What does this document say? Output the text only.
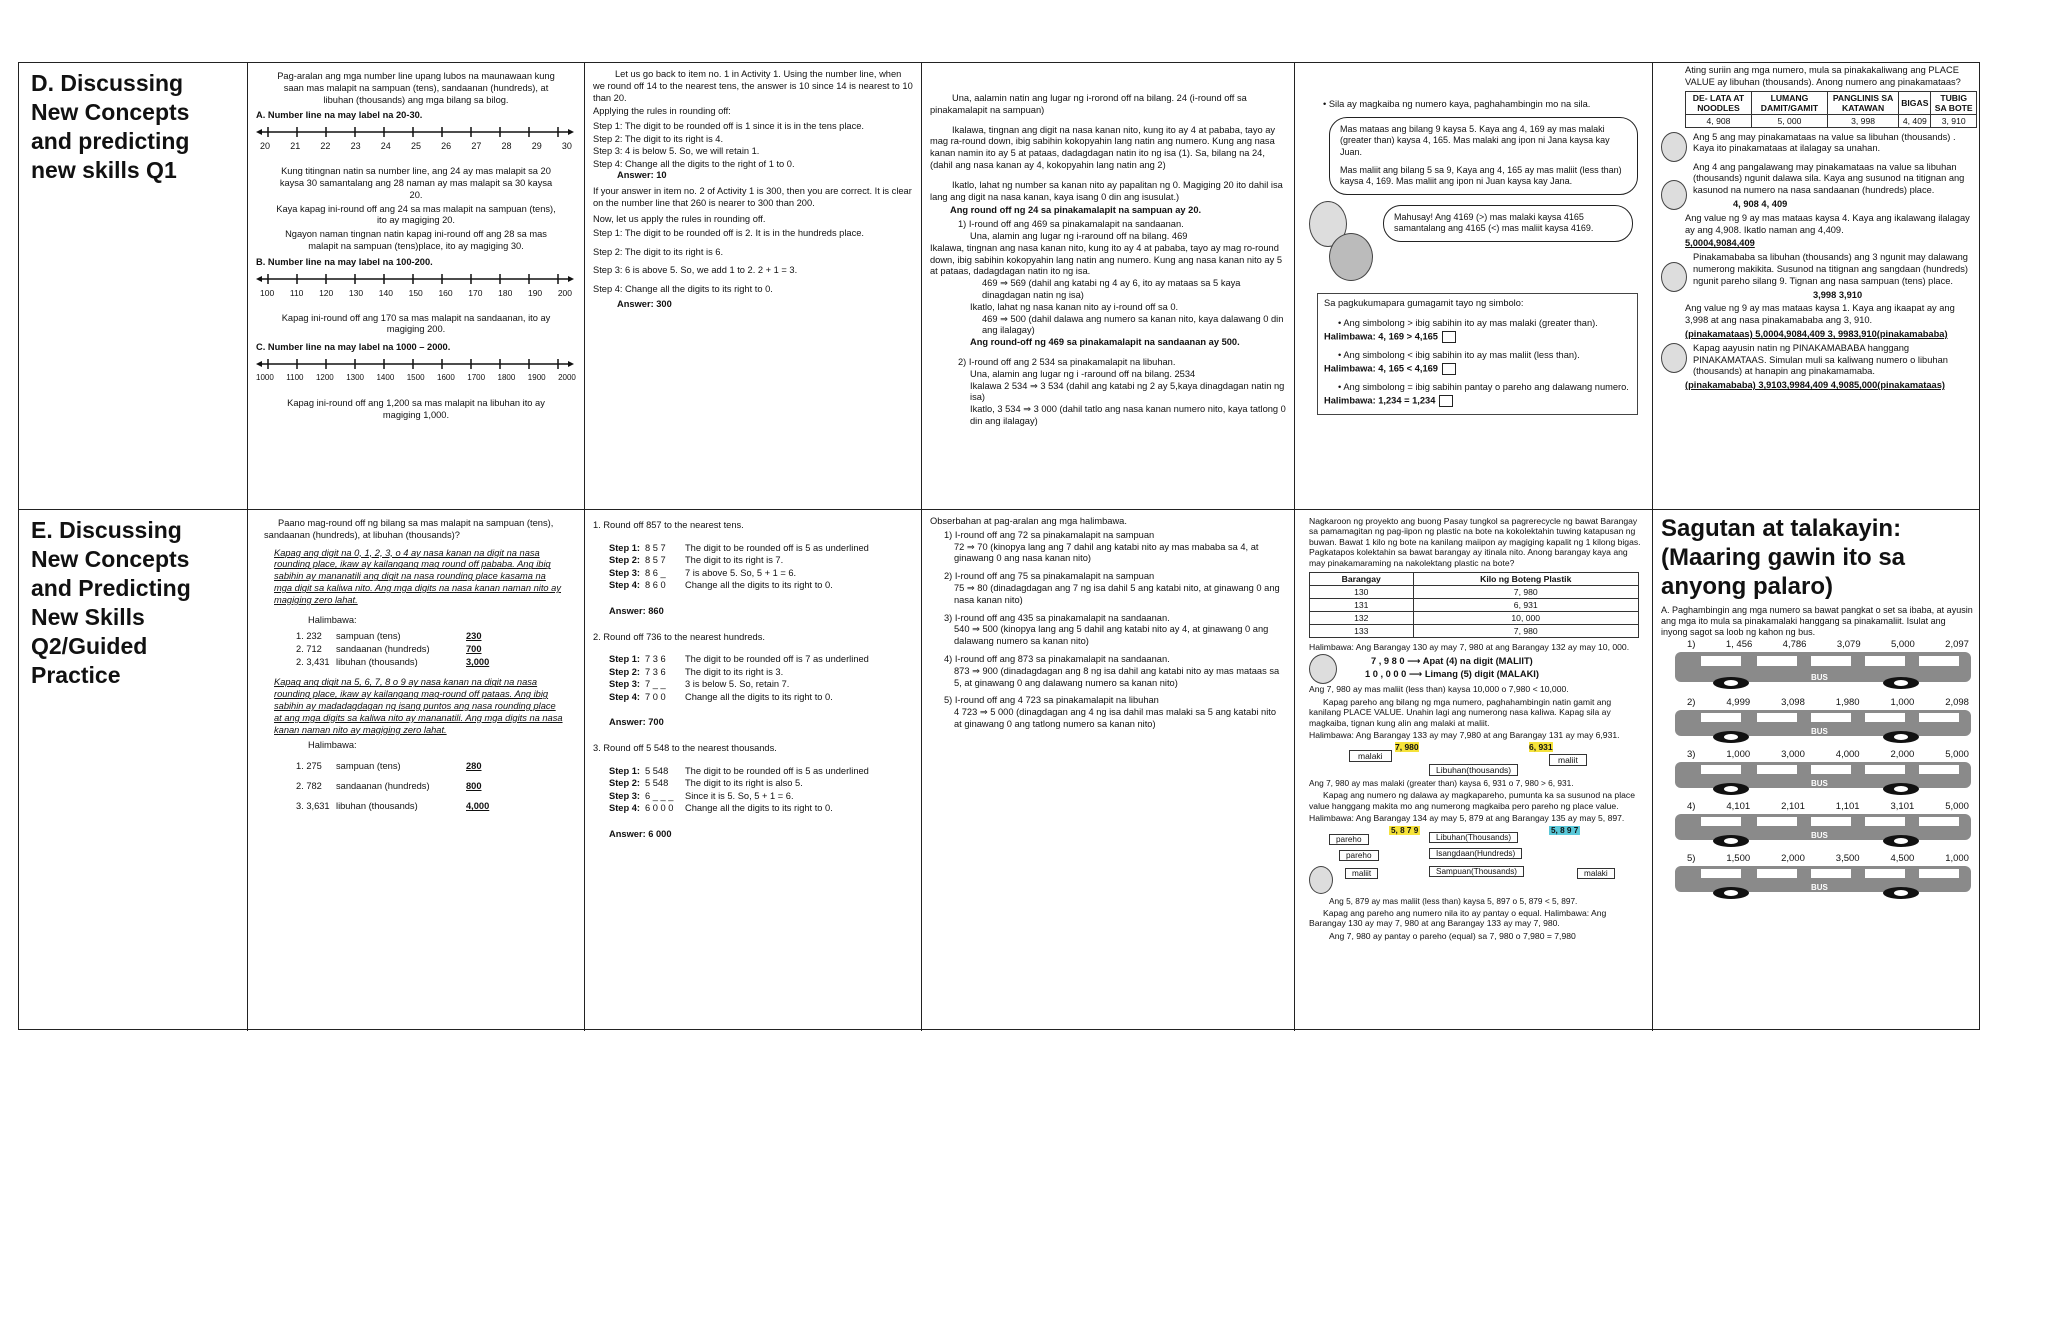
D. Discussing New Concepts and predicting new skills Q1
Pag-aralan ang mga number line upang lubos na maunawaan kung saan mas malapit na sampuan (tens), sandaanan (hundreds), at libuhan (thousands) ang mga bilang sa bilog.
A. Number line na may label na 20-30.
20 21 22 23 24 25 26 27 28 29 30
Kung titingnan natin sa number line, ang 24 ay mas malapit sa 20 kaysa 30 samantalang ang 28 naman ay mas malapit sa 30 kaysa 20.
Kaya kapag ini-round off ang 24 sa mas malapit na sampuan (tens), ito ay magiging 20.
Ngayon naman tingnan natin kapag ini-round off ang 28 sa mas malapit na sampuan (tens)place, ito ay magiging 30.
B. Number line na may label na 100-200.
100 110 120 130 140 150 160 170 180 190 200
Kapag ini-round off ang 170 sa mas malapit na sandaanan, ito ay magiging 200.
C. Number line na may label na 1000 – 2000.
1000 1100 1200 1300 1400 1500 1600 1700 1800 1900 2000
Kapag ini-round off ang 1,200 sa mas malapit na libuhan ito ay magiging 1,000.
Let us go back to item no. 1 in Activity 1. Using the number line, when we round off 14 to the nearest tens, the answer is 10 since 14 is nearest to 10 than 20.
Applying the rules in rounding off:
Step 1: The digit to be rounded off is 1 since it is in the tens place.
Step 2: The digit to its right is 4.
Step 3: 4 is below 5. So, we will retain 1.
Step 4: Change all the digits to the right of 1 to 0.
Answer: 10
If your answer in item no. 2 of Activity 1 is 300, then you are correct. It is clear on the number line that 260 is nearer to 300 than 200.
Now, let us apply the rules in rounding off.
Step 1: The digit to be rounded off is 2. It is in the hundreds place.
Step 2: The digit to its right is 6.
Step 3: 6 is above 5. So, we add 1 to 2. 2 + 1 = 3.
Step 4: Change all the digits to its right to 0.
Answer: 300
Una, aalamin natin ang lugar ng i-rorond off na bilang. 24 (i-round off sa pinakamalapit na sampuan)
Ikalawa, tingnan ang digit na nasa kanan nito, kung ito ay 4 at pababa, tayo ay mag ra-round down, ibig sabihin kokopyahin lang natin ang numero. Kung ang nasa kanan namin ito ay 5 at pataas, dadagdagan natin ito ng isa (1). Sa, bilang na 24, (dahil ang nasa kanan ay 4, kokopyahin lang natin ang 2)
Ikatlo, lahat ng number sa kanan nito ay papalitan ng 0. Magiging 20 ito dahil isa lang ang digit na nasa kanan, kaya isang 0 din ang isusulat.)
Ang round off ng 24 sa pinakamalapit na sampuan ay 20.
1) I-round off ang 469 sa pinakamalapit na sandaanan.
Una, alamin ang lugar ng i-raround off na bilang. 469
Ikalawa, tingnan ang nasa kanan nito, kung ito ay 4 at pababa, tayo ay mag ro-round down, ibig sabihin kokopyahin lang natin ang numero. Kung ang nasa kanan nito ay 5 at pataas, dadagdagan natin ito ng isa.
469 ⇒ 569 (dahil ang katabi ng 4 ay 6, ito ay mataas sa 5 kaya dinagdagan natin ng isa)
Ikatlo, lahat ng nasa kanan nito ay i-round off sa 0.
469 ⇒ 500 (dahil dalawa ang numero sa kanan nito, kaya dalawang 0 din ang ilalagay)
Ang round-off ng 469 sa pinakamalapit na sandaanan ay 500.
2) I-round off ang 2 534 sa pinakamalapit na libuhan.
Una, alamin ang lugar ng i -raround off na bilang. 2534
Ikalawa 2 534 ⇒ 3 534 (dahil ang katabi ng 2 ay 5,kaya dinagdagan natin ng isa)
Ikatlo, 3 534 ⇒ 3 000 (dahil tatlo ang nasa kanan numero nito, kaya tatlong 0 din ang ilalagay)
• Sila ay magkaiba ng numero kaya, paghahambingin mo na sila.
Mas mataas ang bilang 9 kaysa 5. Kaya ang 4, 169 ay mas malaki (greater than) kaysa 4, 165. Mas malaki ang ipon ni Jana kaysa kay Juan.
Mas maliit ang bilang 5 sa 9, Kaya ang 4, 165 ay mas maliit (less than) kaysa 4, 169. Mas maliit ang ipon ni Juan kaysa kay Jana.
Mahusay! Ang 4169 (>) mas malaki kaysa 4165 samantalang ang 4165 (<) mas maliit kaysa 4169.
Sa pagkukumapara gumagamit tayo ng simbolo:
• Ang simbolong > ibig sabihin ito ay mas malaki (greater than).
Halimbawa: 4, 169 > 4,165
• Ang simbolong < ibig sabihin ito ay mas maliit (less than).
Halimbawa: 4, 165 < 4,169
• Ang simbolong = ibig sabihin pantay o pareho ang dalawang numero.
Halimbawa: 1,234 = 1,234
Ating suriin ang mga numero, mula sa pinakakaliwang ang PLACE VALUE ay libuhan (thousands). Anong numero ang pinakamataas?
DE- LATA AT NOODLES	LUMANG DAMIT/GAMIT	PANGLINIS SA KATAWAN	BIGAS	TUBIG SA BOTE
4, 908	5, 000	3, 998	4, 409	3, 910
Ang 5 ang may pinakamataas na value sa libuhan (thousands) . Kaya ito pinakamataas at ilalagay sa unahan.
Ang 4 ang pangalawang may pinakamataas na value sa libuhan (thousands) ngunit dalawa sila. Kaya ang susunod na titignan ang kasunod na numero na nasa sandaanan (hundreds) place.
4, 908 4, 409
Ang value ng 9 ay mas mataas kaysa 4. Kaya ang ikalawang ilalagay ay ang 4,908. Ikatlo naman ang 4,409.
5,0004,9084,409
Pinakamababa sa libuhan (thousands) ang 3 ngunit may dalawang numerong makikita. Susunod na titignan ang sangdaan (hundreds) ngunit pareho silang 9. Tignan ang nasa sampuan (tens) place.
3,998 3,910
Ang value ng 9 ay mas mataas kaysa 1. Kaya ang ikaapat ay ang 3,998 at ang nasa pinakamababa ang 3, 910.
(pinakamataas) 5,0004,9084,409 3, 9983,910(pinakamababa)
Kapag aayusin natin ng PINAKAMABABA hanggang PINAKAMATAAS. Simulan muli sa kaliwang numero o libuhan (thousands) at hanapin ang pinakamamaba.
(pinakamababa) 3,9103,9984,409 4,9085,000(pinakamataas)
E. Discussing New Concepts and Predicting New Skills Q2/Guided Practice
Paano mag-round off ng bilang sa mas malapit na sampuan (tens), sandaanan (hundreds), at libuhan (thousands)?
Kapag ang digit na 0, 1, 2, 3, o 4 ay nasa kanan na digit na nasa rounding place, ikaw ay kailangang mag round off pababa. Ang ibig sabihin ay mananatili ang digit na nasa rounding place kasama na mga digit sa kaliwa nito. Ang mga digits na nasa kanan naman nito ay magiging zero lahat.
Halimbawa:
1. 232 sampuan (tens)	230
2. 712 sandaanan (hundreds)	700
2. 3,431 libuhan (thousands)	3,000
Kapag ang digit na 5, 6, 7, 8 o 9 ay nasa kanan na digit na nasa rounding place, ikaw ay kailangang mag-round off pataas. Ang ibig sabihin ay madadagdagan ng isang puntos ang nasa rounding place at ang mga digits sa kaliwa nito ay mananatili. Ang mga digits na nasa kanan naman nito ay magiging zero lahat.
Halimbawa:
1. 275 sampuan (tens)	280
2. 782 sandaanan (hundreds)	800
3. 3,631 libuhan (thousands)	4,000
1. Round off 857 to the nearest tens.
Step 1: 8 5 7 The digit to be rounded off is 5 as underlined
Step 2: 8 5 7 The digit to its right is 7.
Step 3: 8 6 _ 7 is above 5. So, 5 + 1 = 6.
Step 4: 8 6 0 Change all the digits to its right to 0.
Answer: 860
2. Round off 736 to the nearest hundreds.
Step 1: 7 3 6 The digit to be rounded off is 7 as underlined
Step 2: 7 3 6 The digit to its right is 3.
Step 3: 7 _ _ 3 is below 5. So, retain 7.
Step 4: 7 0 0 Change all the digits to its right to 0.
Answer: 700
3. Round off 5 548 to the nearest thousands.
Step 1: 5 548 The digit to be rounded off is 5 as underlined
Step 2: 5 548 The digit to its right is also 5.
Step 3: 6 _ _ _ Since it is 5. So, 5 + 1 = 6.
Step 4: 6 0 0 0 Change all the digits to its right to 0.
Answer: 6 000
Obserbahan at pag-aralan ang mga halimbawa.
1) I-round off ang 72 sa pinakamalapit na sampuan
72 ⇒ 70 (kinopya lang ang 7 dahil ang katabi nito ay mas mababa sa 4, at ginawang 0 ang nasa kanan nito)
2) I-round off ang 75 sa pinakamalapit na sampuan
75 ⇒ 80 (dinadagdagan ang 7 ng isa dahil 5 ang katabi nito, at ginawang 0 ang nasa kanan nito)
3) I-round off ang 435 sa pinakamalapit na sandaanan.
540 ⇒ 500 (kinopya lang ang 5 dahil ang katabi nito ay 4, at ginawang 0 ang dalawang numero sa kanan nito)
4) I-round off ang 873 sa pinakamalapit na sandaanan.
873 ⇒ 900 (dinadagdagan ang 8 ng isa dahil ang katabi nito ay mas mataas sa 5, at ginawang 0 ang dalawang numero sa kanan nito)
5) I-round off ang 4 723 sa pinakamalapit na libuhan
4 723 ⇒ 5 000 (dinagdagan ang 4 ng isa dahil mas malaki sa 5 ang katabi nito at ginawang 0 ang tatlong numero sa kanan nito)
Nagkaroon ng proyekto ang buong Pasay tungkol sa pagrerecycle ng bawat Barangay sa pamamagitan ng pag-iipon ng plastic na bote na kokolektahin tuwing katapusan ng buwan. Bawat 1 kilo ng bote na kanilang maiipon ay magiging kapalit ng 1 kilong bigas. Pagkatapos kolektahin sa bawat barangay ay itinala nito. Anong barangay kaya ang may pinakamaraming na nakolektang plastic na bote?
Barangay	Kilo ng Boteng Plastik
130	7, 980
131	6, 931
132	10, 000
133	7, 980
Halimbawa: Ang Barangay 130 ay may 7, 980 at ang Barangay 132 ay may 10, 000.
7 , 9 8 0 ⟶ Apat (4) na digit (MALIIT)
1 0 , 0 0 0 ⟶ Limang (5) digit (MALAKI)
Ang 7, 980 ay mas maliit (less than) kaysa 10,000 o 7,980 < 10,000.
Kapag pareho ang bilang ng mga numero, paghahambingin natin gamit ang kanilang PLACE VALUE. Unahin lagi ang numerong nasa kaliwa. Kapag sila ay magkaiba, tignan kung alin ang malaki at maliit.
Halimbawa: Ang Barangay 133 ay may 7,980 at ang Barangay 131 ay may 6,931.
7, 980	6, 931
malaki	maliit
Libuhan(thousands)
Ang 7, 980 ay mas malaki (greater than) kaysa 6, 931 o 7, 980 > 6, 931.
Kapag ang numero ng dalawa ay magkapareho, pumunta ka sa susunod na place value hanggang makita mo ang numerong magkaiba pero pareho ng place value.
Halimbawa: Ang Barangay 134 ay may 5, 879 at ang Barangay 135 ay may 5, 897.
5, 8 7 9	5, 8 9 7
pareho
pareho
maliit	malaki
Libuhan(Thousands)
Isangdaan(Hundreds)
Sampuan(Thousands)
Ang 5, 879 ay mas maliit (less than) kaysa 5, 897 o 5, 879 < 5, 897.
Kapag ang pareho ang numero nila ito ay pantay o equal. Halimbawa: Ang Barangay 130 ay may 7, 980 at ang Barangay 133 ay may 7, 980.
Ang 7, 980 ay pantay o pareho (equal) sa 7, 980 o 7,980 = 7,980
Sagutan at talakayin: (Maaring gawin ito sa anyong palaro)
A. Paghambingin ang mga numero sa bawat pangkat o set sa ibaba, at ayusin ang mga ito mula sa pinakamalaki hanggang sa pinakamaliit. Isulat ang inyong sagot sa loob ng kahon ng bus.
1)	1, 456	4,786	3,079	5,000	2,097
BUS
2)	4,999	3,098	1,980	1,000	2,098
BUS
3)	1,000	3,000	4,000	2,000	5,000
BUS
4)	4,101	2,101	1,101	3,101	5,000
BUS
5)	1,500	2,000	3,500	4,500	1,000
BUS
